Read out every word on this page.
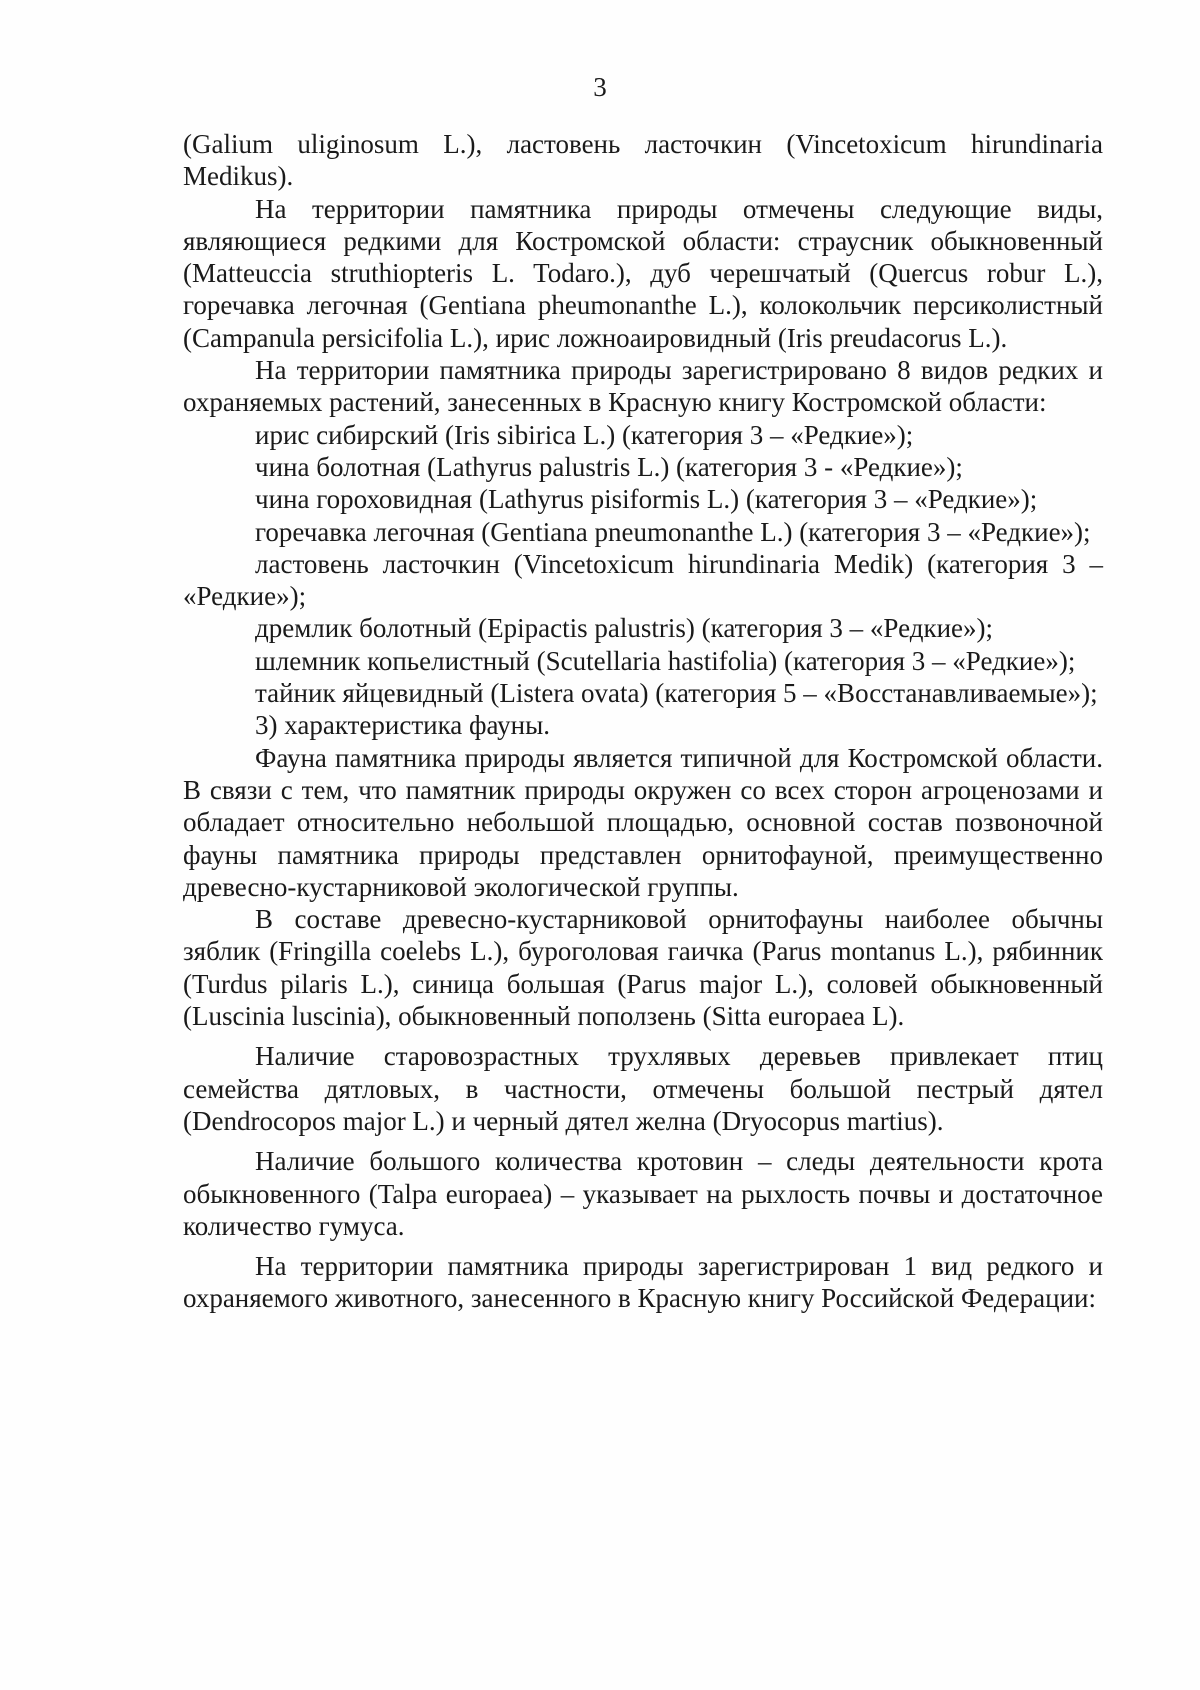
3

(Galium uliginosum L.), ластовень ласточкин (Vincetoxicum hirundinaria Medikus).

На территории памятника природы отмечены следующие виды, являющиеся редкими для Костромской области: страусник обыкновенный (Matteuccia struthiopteris L. Todaro.), дуб черешчатый (Quercus robur L.), горечавка легочная (Gentiana pheumonanthe L.), колокольчик персиколистный (Campanula persicifolia L.), ирис ложноаировидный (Iris preudacorus L.).

На территории памятника природы зарегистрировано 8 видов редких и охраняемых растений, занесенных в Красную книгу Костромской области:

ирис сибирский (Iris sibirica L.) (категория 3 – «Редкие»);

чина болотная (Lathyrus palustris L.) (категория 3 - «Редкие»);

чина гороховидная (Lathyrus pisiformis L.) (категория 3 – «Редкие»);

горечавка легочная (Gentiana pneumonanthe L.) (категория 3 – «Редкие»);

ластовень ласточкин (Vincetoxicum hirundinaria Medik) (категория 3 – «Редкие»);

дремлик болотный (Epipactis palustris) (категория 3 – «Редкие»);

шлемник копьелистный (Scutellaria hastifolia) (категория 3 – «Редкие»);

тайник яйцевидный (Listera ovata) (категория 5 – «Восстанавливаемые»);

3) характеристика фауны.

Фауна памятника природы является типичной для Костромской области. В связи с тем, что памятник природы окружен со всех сторон агроценозами и обладает относительно небольшой площадью, основной состав позвоночной фауны памятника природы представлен орнитофауной, преимущественно древесно-кустарниковой экологической группы.

В составе древесно-кустарниковой орнитофауны наиболее обычны зяблик (Fringilla coelebs L.), буроголовая гаичка (Parus montanus L.), рябинник (Turdus pilaris L.), синица большая (Parus major L.), соловей обыкновенный (Luscinia luscinia), обыкновенный поползень (Sitta europaea L).

Наличие старовозрастных трухлявых деревьев привлекает птиц семейства дятловых, в частности, отмечены большой пестрый дятел (Dendrocopos major L.) и черный дятел желна (Dryocopus martius).

Наличие большого количества кротовин – следы деятельности крота обыкновенного (Talpa europaea) – указывает на рыхлость почвы и достаточное количество гумуса.

На территории памятника природы зарегистрирован 1 вид редкого и охраняемого животного, занесенного в Красную книгу Российской Федерации:
